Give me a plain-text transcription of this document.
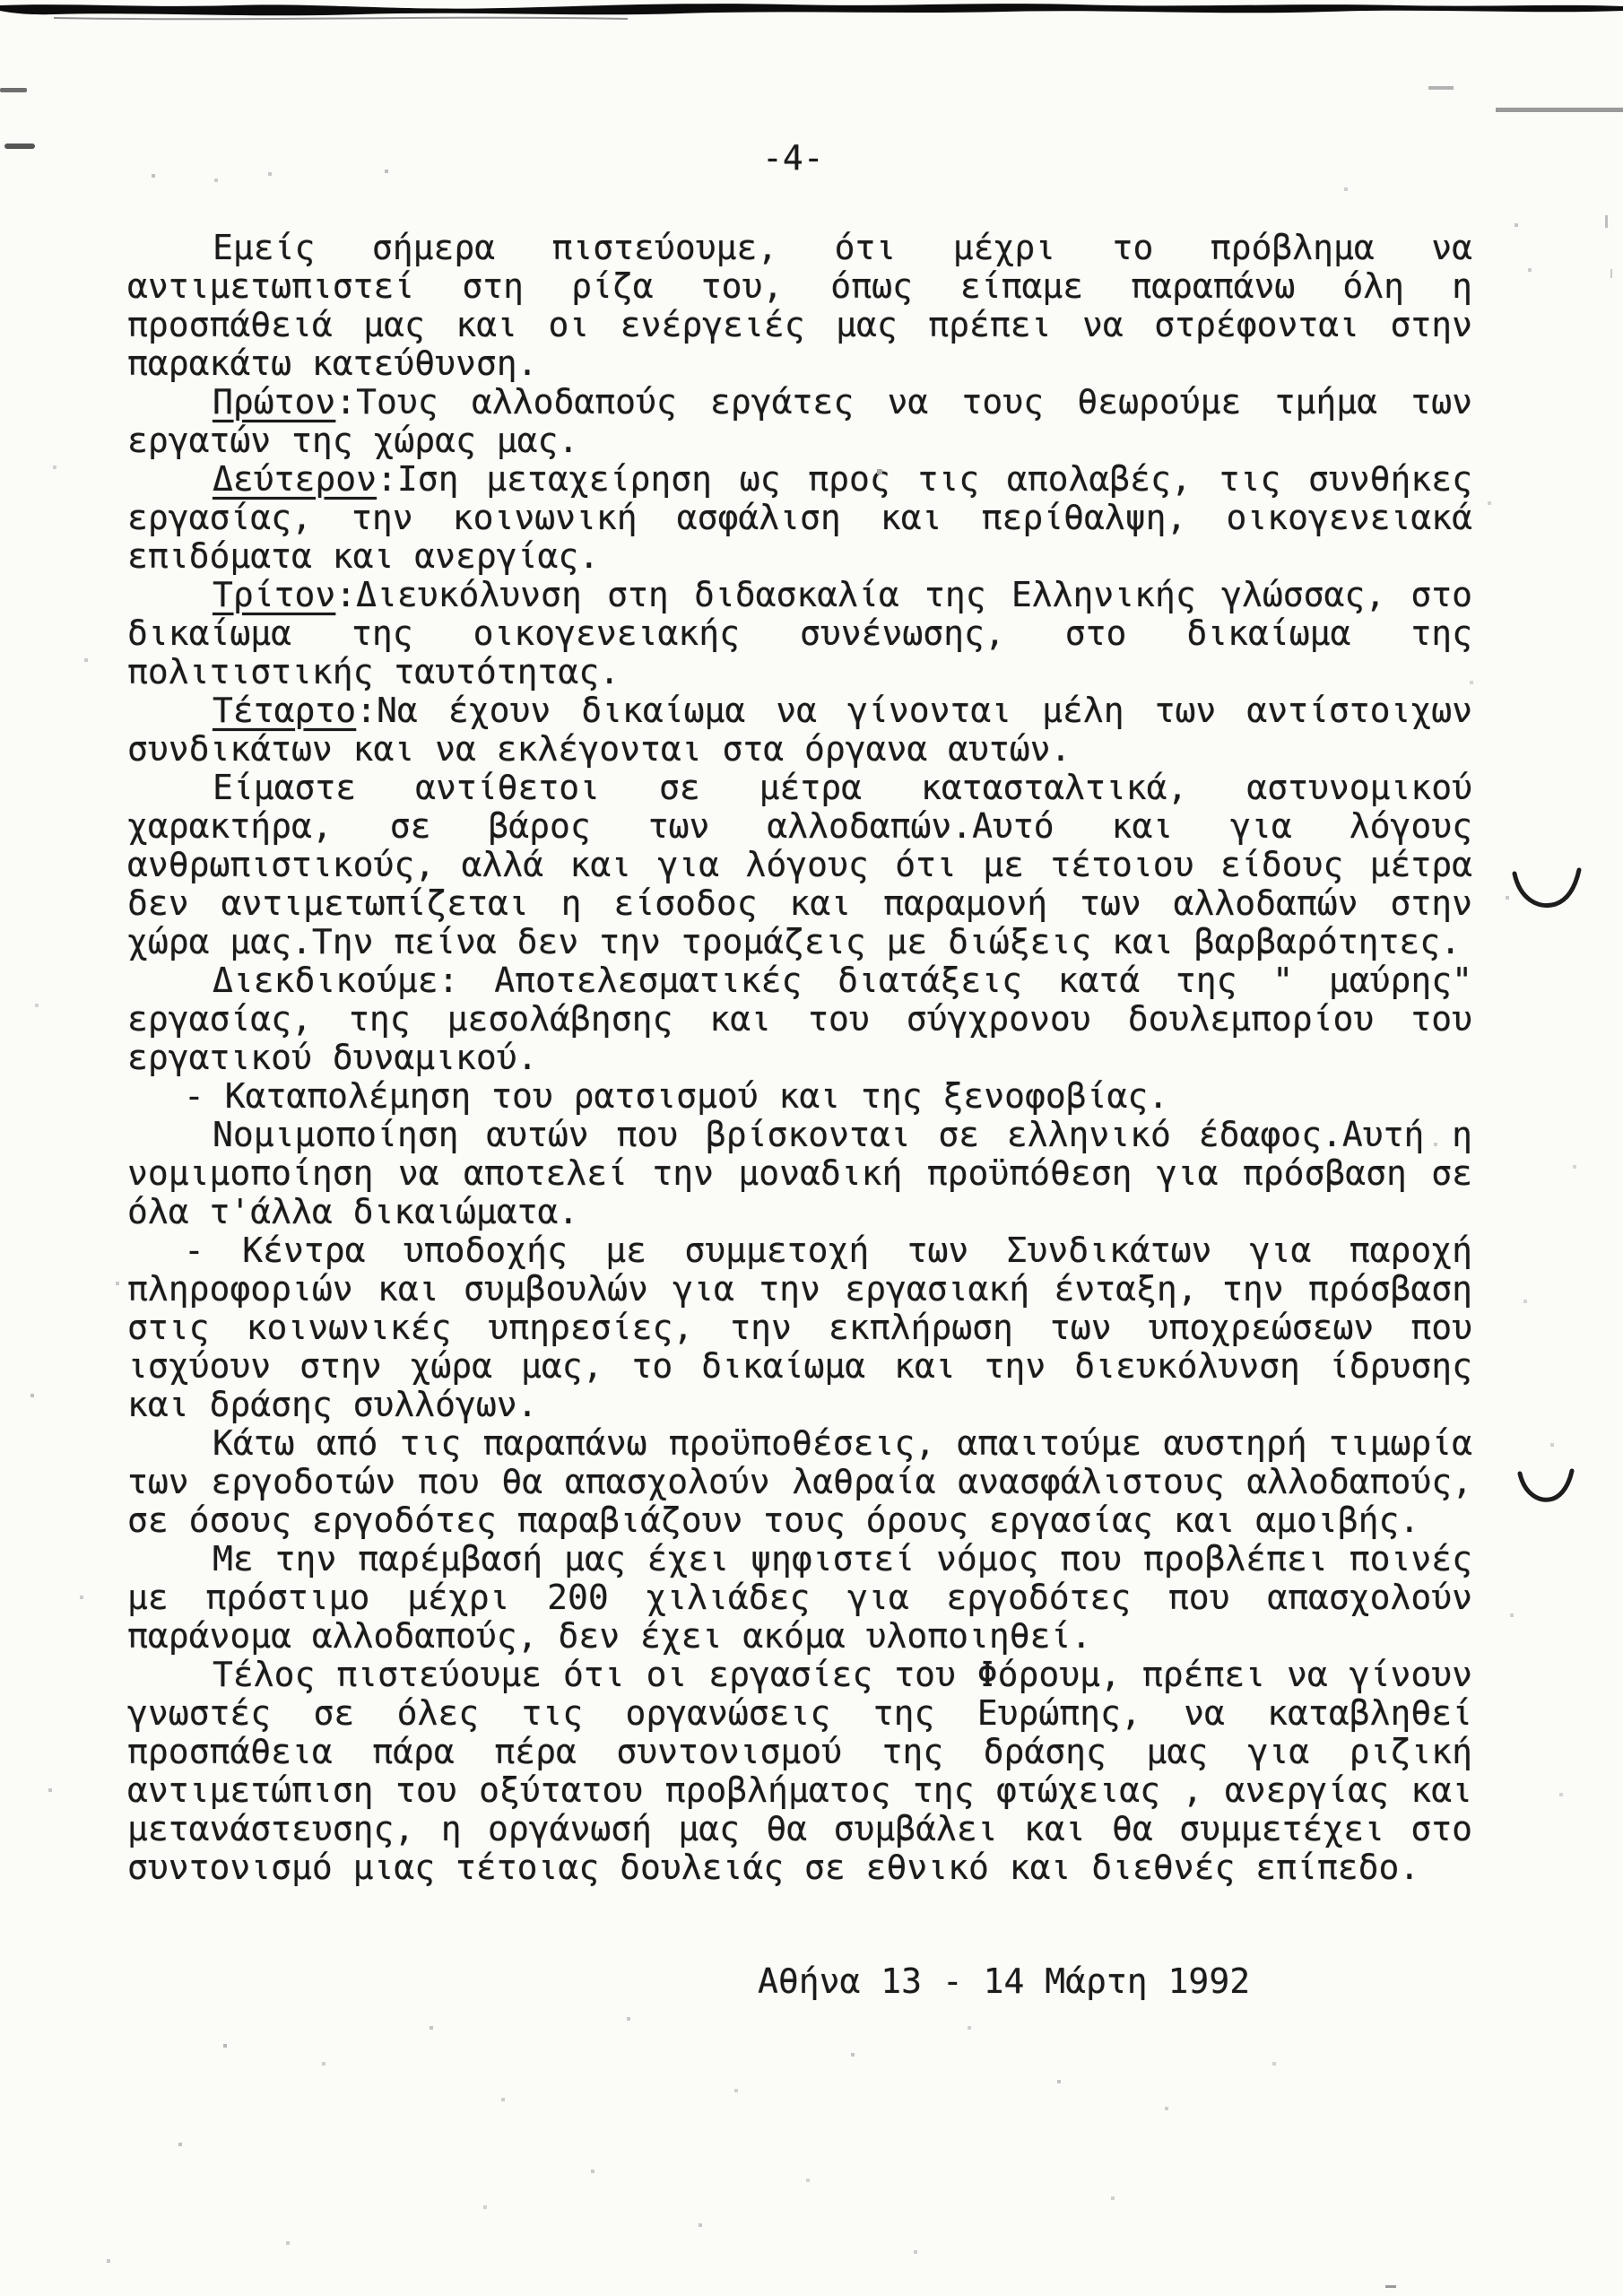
-4-
Εμείς σήμερα πιστεύουμε, ότι μέχρι το πρόβλημα να
αντιμετωπιστεί στη ρίζα του, όπως είπαμε παραπάνω όλη η
προσπάθειά μας και οι ενέργειές μας πρέπει να στρέφονται στην
παρακάτω κατεύθυνση.
Πρώτον:Τους αλλοδαπούς εργάτες να τους θεωρούμε τμήμα των
εργατών της χώρας μας.
Δεύτερον:Ιση μεταχείρηση ως προς τις απολαβές, τις συνθήκες
εργασίας, την κοινωνική ασφάλιση και περίθαλψη, οικογενειακά
επιδόματα και ανεργίας.
Τρίτον:Διευκόλυνση στη διδασκαλία της Ελληνικής γλώσσας, στο
δικαίωμα της οικογενειακής συνένωσης, στο δικαίωμα της
πολιτιστικής ταυτότητας.
Τέταρτο:Να έχουν δικαίωμα να γίνονται μέλη των αντίστοιχων
συνδικάτων και να εκλέγονται στα όργανα αυτών.
Είμαστε αντίθετοι σε μέτρα κατασταλτικά, αστυνομικού
χαρακτήρα, σε βάρος των αλλοδαπών.Αυτό και για λόγους
ανθρωπιστικούς, αλλά και για λόγους ότι με τέτοιου είδους μέτρα
δεν αντιμετωπίζεται η είσοδος και παραμονή των αλλοδαπών στην
χώρα μας.Την πείνα δεν την τρομάζεις με διώξεις και βαρβαρότητες.
Διεκδικούμε: Αποτελεσματικές διατάξεις κατά της " μαύρης"
εργασίας, της μεσολάβησης και του σύγχρονου δουλεμπορίου του
εργατικού δυναμικού.
- Καταπολέμηση του ρατσισμού και της ξενοφοβίας.
Νομιμοποίηση αυτών που βρίσκονται σε ελληνικό έδαφος.Αυτή η
νομιμοποίηση να αποτελεί την μοναδική προϋπόθεση για πρόσβαση σε
όλα τ'άλλα δικαιώματα.
- Κέντρα υποδοχής με συμμετοχή των Συνδικάτων για παροχή
πληροφοριών και συμβουλών για την εργασιακή ένταξη, την πρόσβαση
στις κοινωνικές υπηρεσίες, την εκπλήρωση των υποχρεώσεων που
ισχύουν στην χώρα μας, το δικαίωμα και την διευκόλυνση ίδρυσης
και δράσης συλλόγων.
Κάτω από τις παραπάνω προϋποθέσεις, απαιτούμε αυστηρή τιμωρία
των εργοδοτών που θα απασχολούν λαθραία ανασφάλιστους αλλοδαπούς,
σε όσους εργοδότες παραβιάζουν τους όρους εργασίας και αμοιβής.
Με την παρέμβασή μας έχει ψηφιστεί νόμος που προβλέπει ποινές
με πρόστιμο μέχρι 200 χιλιάδες για εργοδότες που απασχολούν
παράνομα αλλοδαπούς, δεν έχει ακόμα υλοποιηθεί.
Τέλος πιστεύουμε ότι οι εργασίες του Φόρουμ, πρέπει να γίνουν
γνωστές σε όλες τις οργανώσεις της Ευρώπης, να καταβληθεί
προσπάθεια πάρα πέρα συντονισμού της δράσης μας για ριζική
αντιμετώπιση του οξύτατου προβλήματος της φτώχειας , ανεργίας και
μετανάστευσης, η οργάνωσή μας θα συμβάλει και θα συμμετέχει στο
συντονισμό μιας τέτοιας δουλειάς σε εθνικό και διεθνές επίπεδο.
Αθήνα 13 - 14 Μάρτη 1992
